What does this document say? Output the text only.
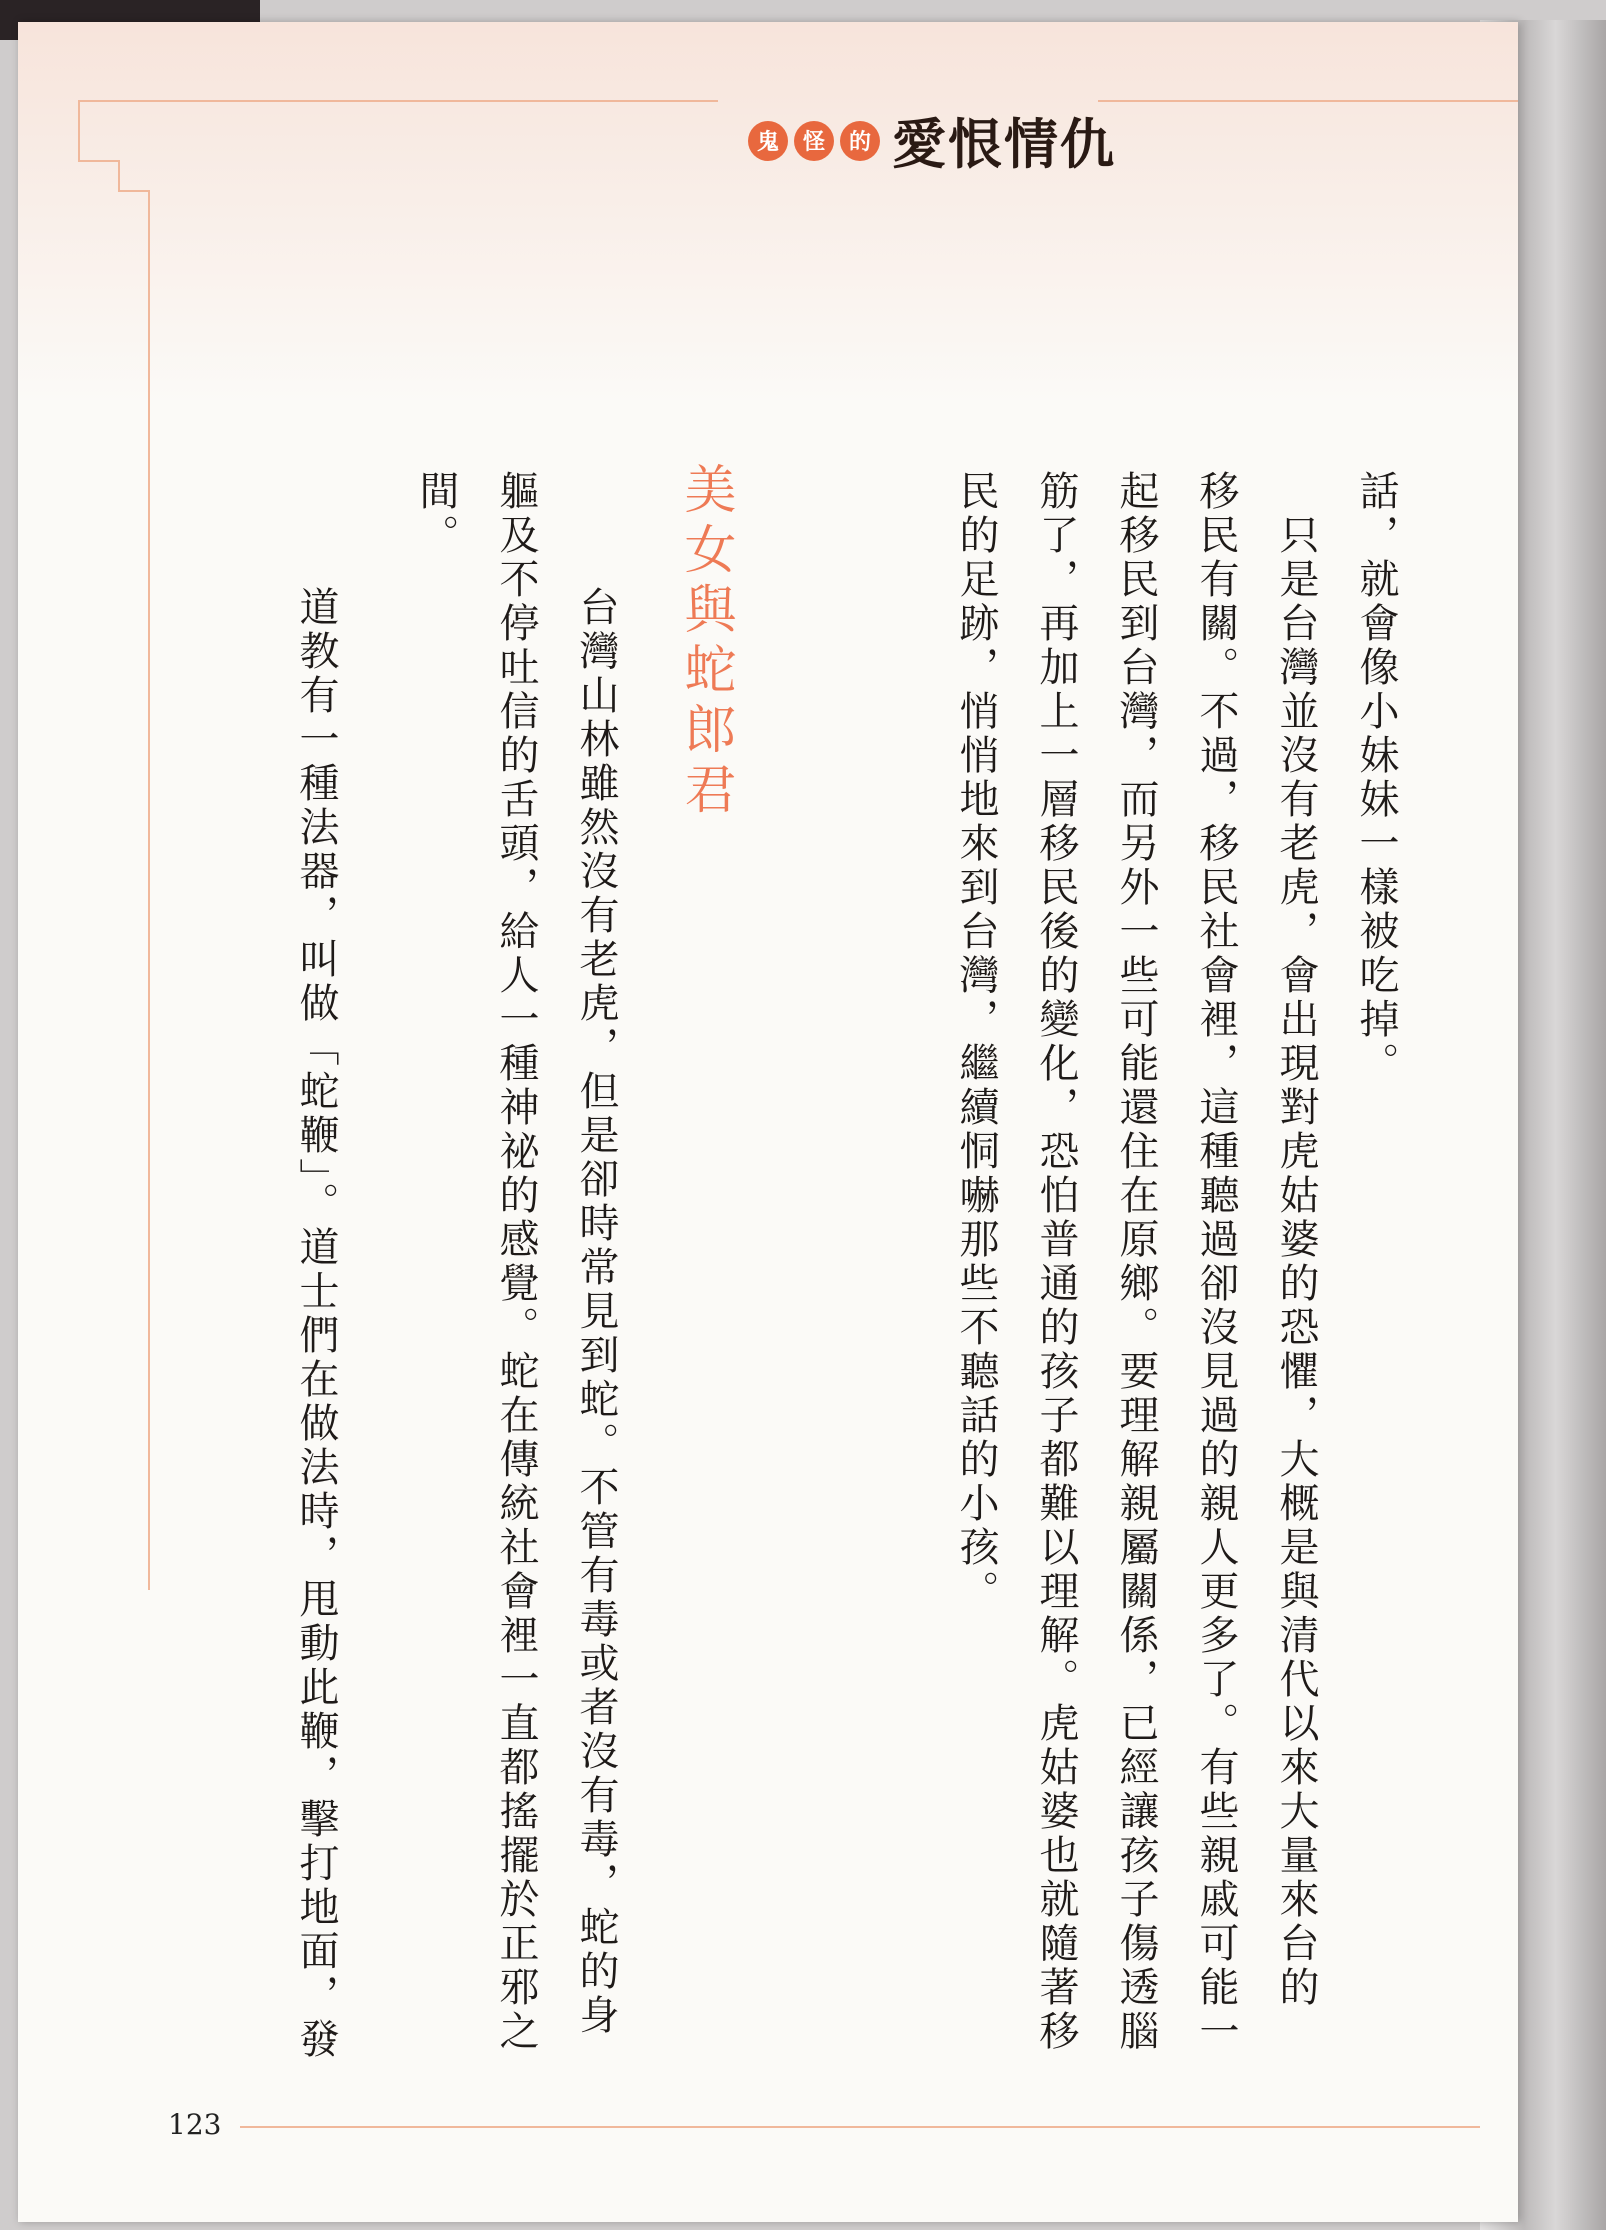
鬼	怪	的 愛恨情仇
話，就會像小妹妹一樣被吃掉。
　只是台灣並沒有老虎，會出現對虎姑婆的恐懼，大概是與清代以來大量來台的
移民有關。不過，移民社會裡，這種聽過卻沒見過的親人更多了。有些親戚可能一
起移民到台灣，而另外一些可能還住在原鄉。要理解親屬關係，已經讓孩子傷透腦
筋了，再加上一層移民後的變化，恐怕普通的孩子都難以理解。虎姑婆也就隨著移
民的足跡，悄悄地來到台灣，繼續恫嚇那些不聽話的小孩。
美女與蛇郎君
　台灣山林雖然沒有老虎，但是卻時常見到蛇。不管有毒或者沒有毒，蛇的身
軀及不停吐信的舌頭，給人一種神祕的感覺。蛇在傳統社會裡一直都搖擺於正邪之
間。
　道教有一種法器，叫做「蛇鞭」。道士們在做法時，甩動此鞭，擊打地面，發
123
